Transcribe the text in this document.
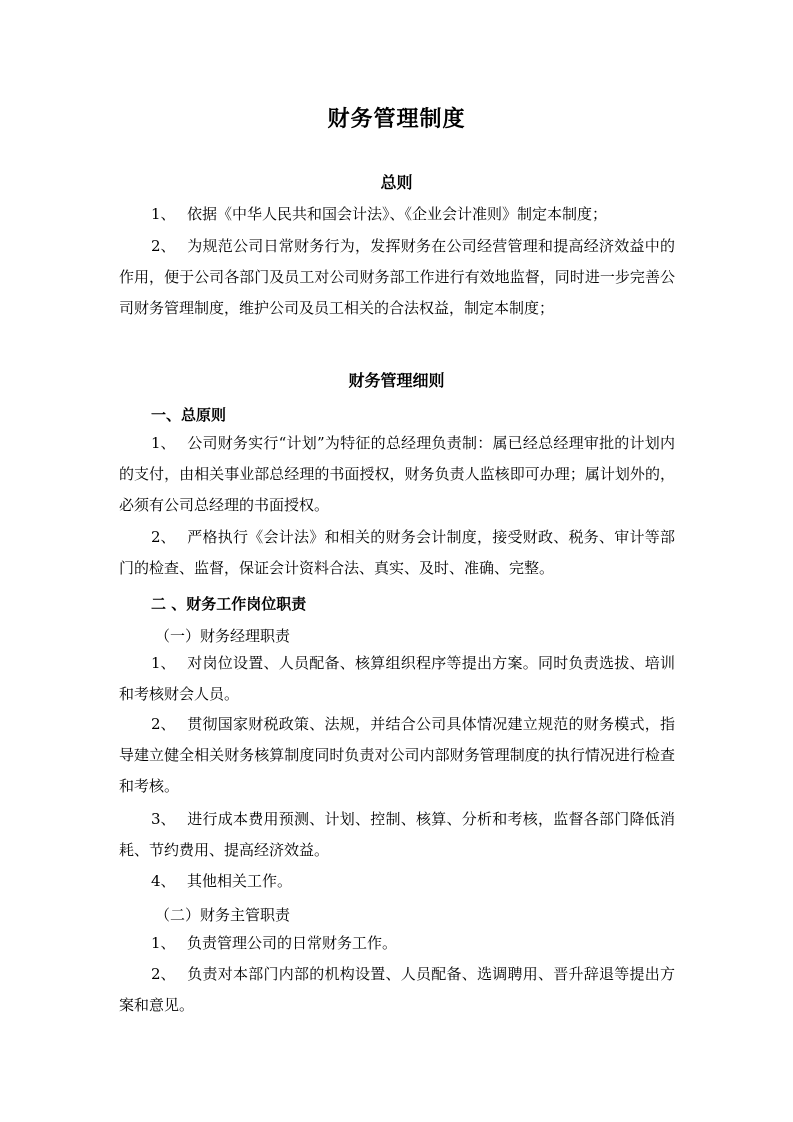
财务管理制度
总则

1、 依据《中华人民共和国会计法》、《企业会计准则》制定本制度；

2、 为规范公司日常财务行为，发挥财务在公司经营管理和提高经济效益中的作用，便于公司各部门及员工对公司财务部工作进行有效地监督，同时进一步完善公司财务管理制度，维护公司及员工相关的合法权益，制定本制度；

财务管理细则
一、总原则

1、 公司财务实行“计划”为特征的总经理负责制：属已经总经理审批的计划内的支付，由相关事业部总经理的书面授权，财务负责人监核即可办理；属计划外的，必须有公司总经理的书面授权。

2、 严格执行《会计法》和相关的财务会计制度，接受财政、税务、审计等部门的检查、监督，保证会计资料合法、真实、及时、准确、完整。

二 、财务工作岗位职责
（一）财务经理职责

1、 对岗位设置、人员配备、核算组织程序等提出方案。同时负责选拔、培训和考核财会人员。

2、 贯彻国家财税政策、法规，并结合公司具体情况建立规范的财务模式，指导建立健全相关财务核算制度同时负责对公司内部财务管理制度的执行情况进行检查和考核。

3、 进行成本费用预测、计划、控制、核算、分析和考核，监督各部门降低消耗、节约费用、提高经济效益。

4、 其他相关工作。

（二）财务主管职责

1、 负责管理公司的日常财务工作。

2、 负责对本部门内部的机构设置、人员配备、选调聘用、晋升辞退等提出方案和意见。
